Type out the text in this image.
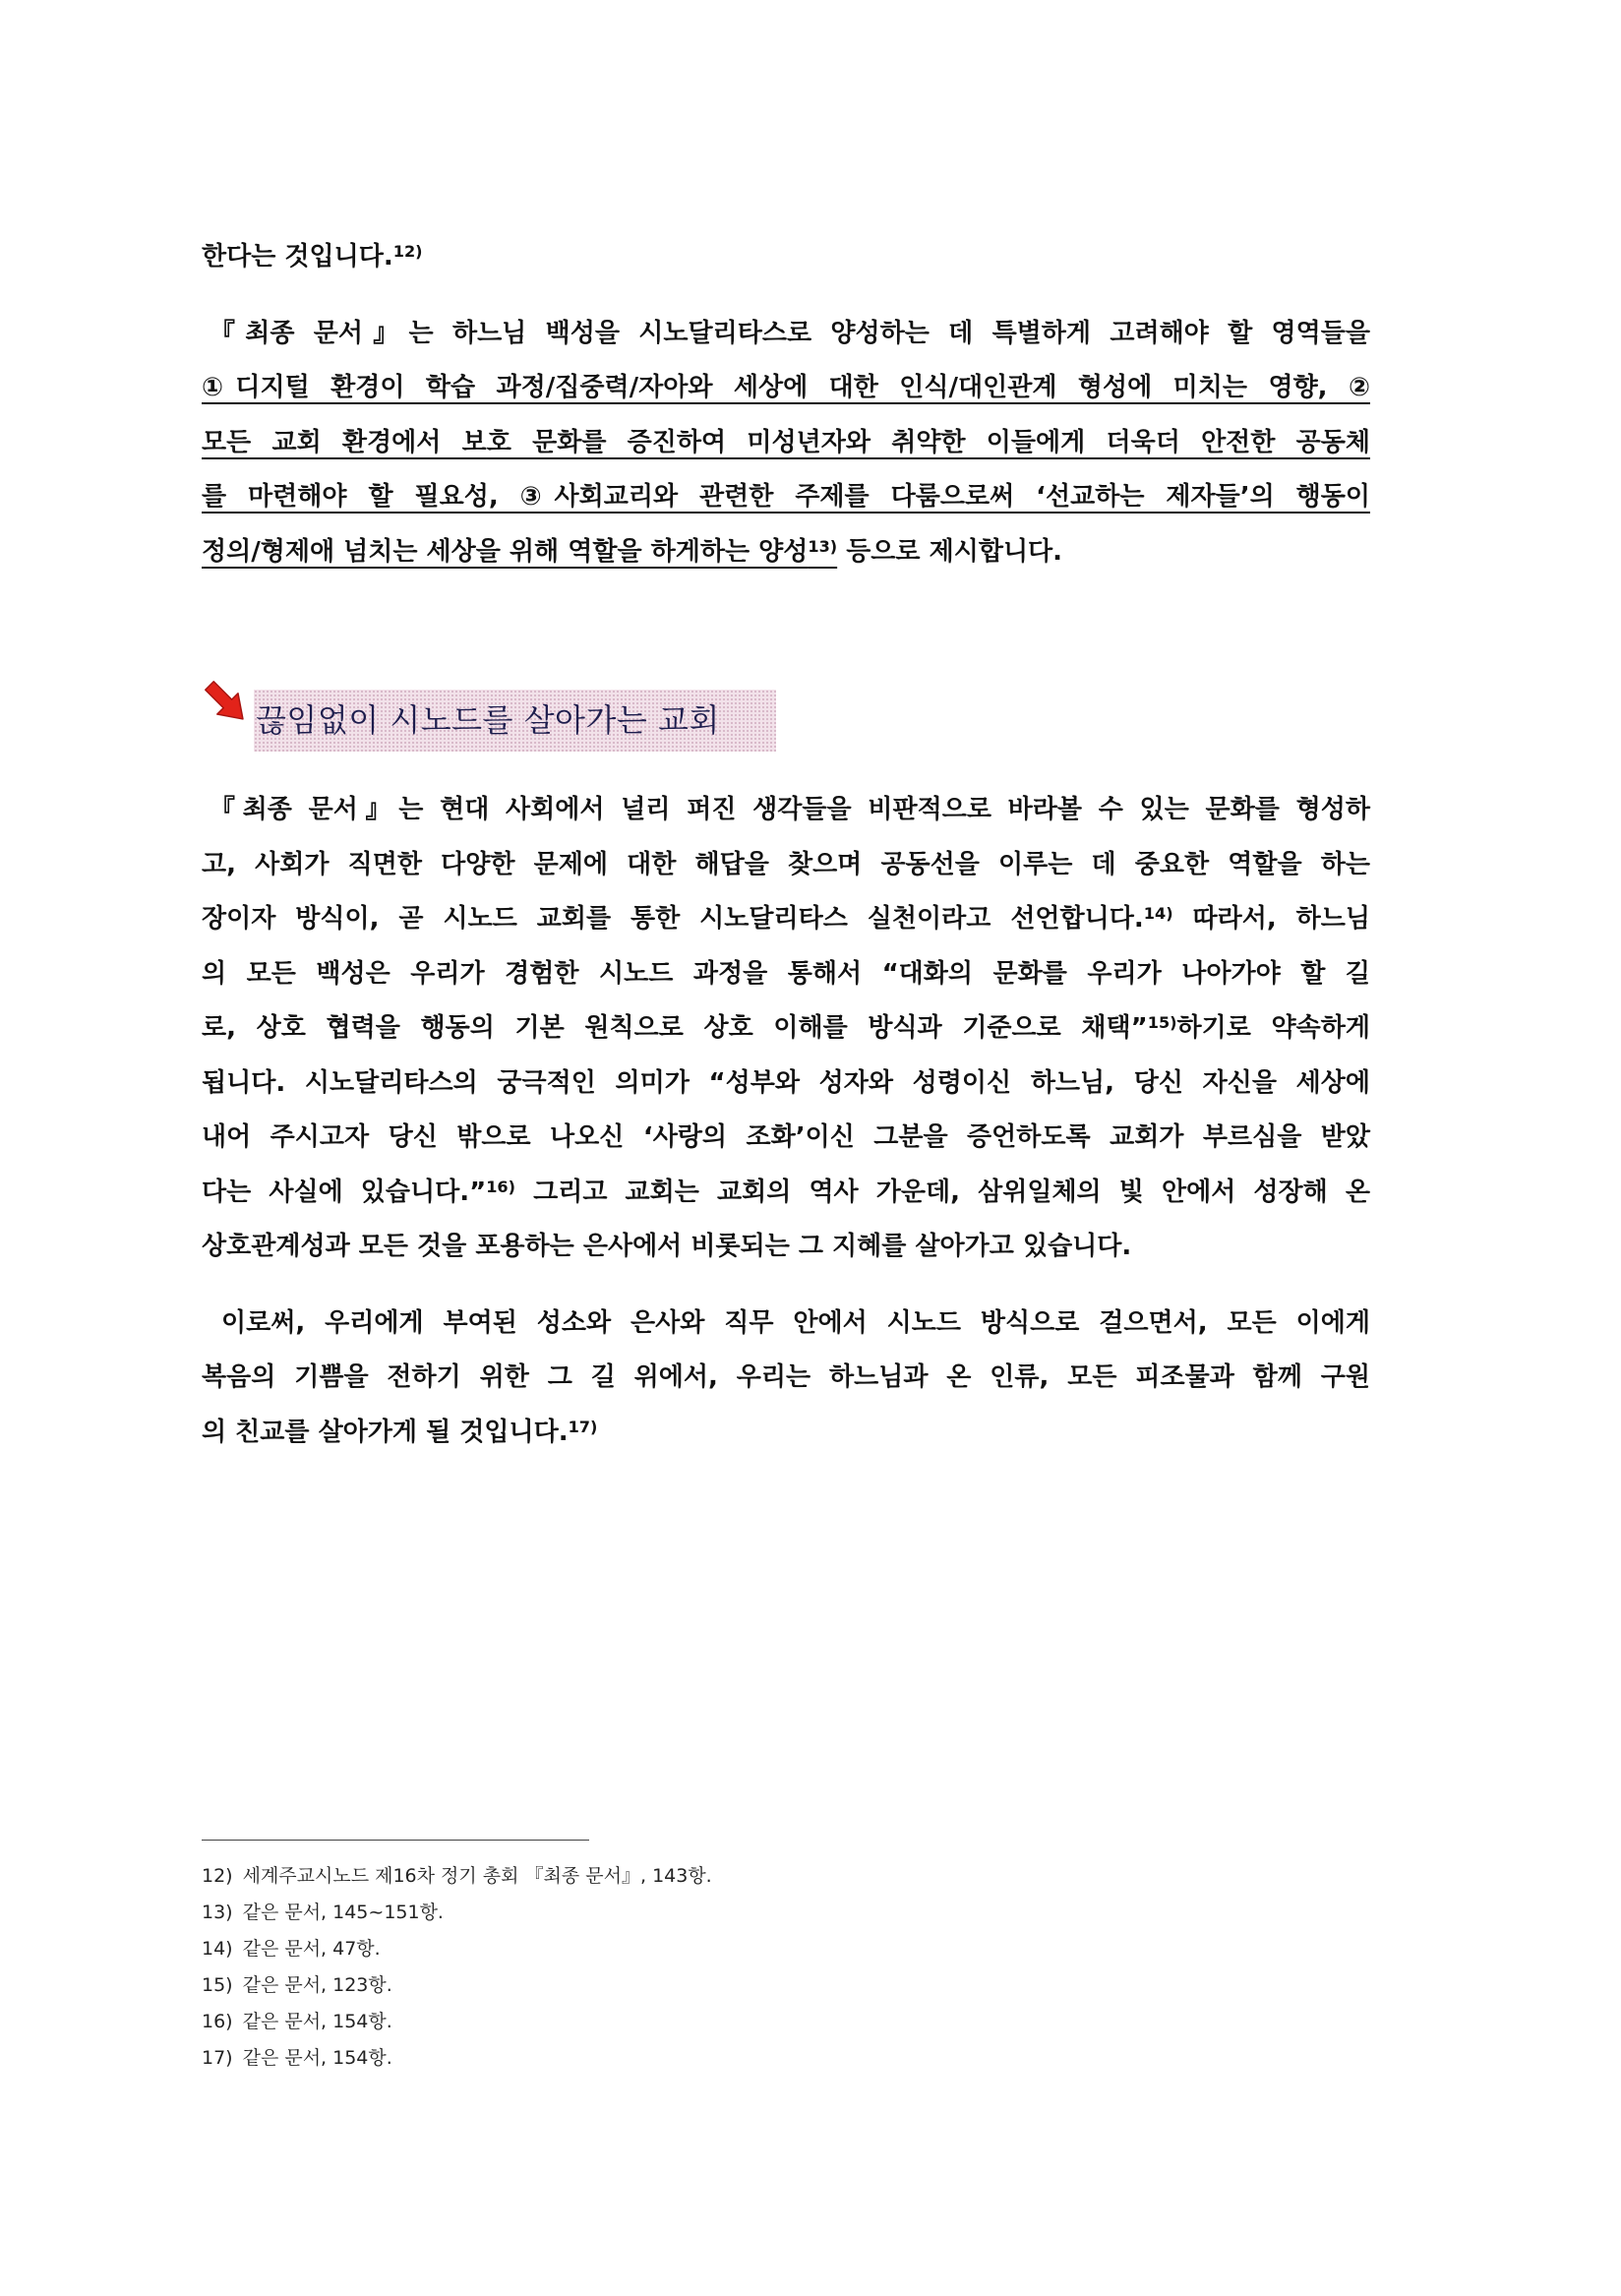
한다는 것입니다.$^{12)}$
『최종 문서』는 하느님 백성을 시노달리타스로 양성하는 데 특별하게 고려해야 할 영역들을
①디지털 환경이 학습 과정/집중력/자아와 세상에 대한 인식/대인관계 형성에 미치는 영향, ②
모든 교회 환경에서 보호 문화를 증진하여 미성년자와 취약한 이들에게 더욱더 안전한 공동체
를 마련해야 할 필요성, ③사회교리와 관련한 주제를 다룸으로써 ‘선교하는 제자들’의 행동이
정의/형제애 넘치는 세상을 위해 역할을 하게하는 양성$^{13)}$ 등으로 제시합니다.
끊임없이 시노드를 살아가는 교회
『최종 문서』는 현대 사회에서 널리 퍼진 생각들을 비판적으로 바라볼 수 있는 문화를 형성하
고, 사회가 직면한 다양한 문제에 대한 해답을 찾으며 공동선을 이루는 데 중요한 역할을 하는
장이자 방식이, 곧 시노드 교회를 통한 시노달리타스 실천이라고 선언합니다.$^{14)}$ 따라서, 하느님
의 모든 백성은 우리가 경험한 시노드 과정을 통해서 “대화의 문화를 우리가 나아가야 할 길
로, 상호 협력을 행동의 기본 원칙으로 상호 이해를 방식과 기준으로 채택”$^{15)}$하기로 약속하게
됩니다. 시노달리타스의 궁극적인 의미가 “성부와 성자와 성령이신 하느님, 당신 자신을 세상에
내어 주시고자 당신 밖으로 나오신 ‘사랑의 조화’이신 그분을 증언하도록 교회가 부르심을 받았
다는 사실에 있습니다.”$^{16)}$ 그리고 교회는 교회의 역사 가운데, 삼위일체의 빛 안에서 성장해 온
상호관계성과 모든 것을 포용하는 은사에서 비롯되는 그 지혜를 살아가고 있습니다.
이로써, 우리에게 부여된 성소와 은사와 직무 안에서 시노드 방식으로 걸으면서, 모든 이에게
복음의 기쁨을 전하기 위한 그 길 위에서, 우리는 하느님과 온 인류, 모든 피조물과 함께 구원
의 친교를 살아가게 될 것입니다.$^{17)}$
12) 세계주교시노드 제16차 정기 총회 『최종 문서』, 143항.
13) 같은 문서, 145~151항.
14) 같은 문서, 47항.
15) 같은 문서, 123항.
16) 같은 문서, 154항.
17) 같은 문서, 154항.
